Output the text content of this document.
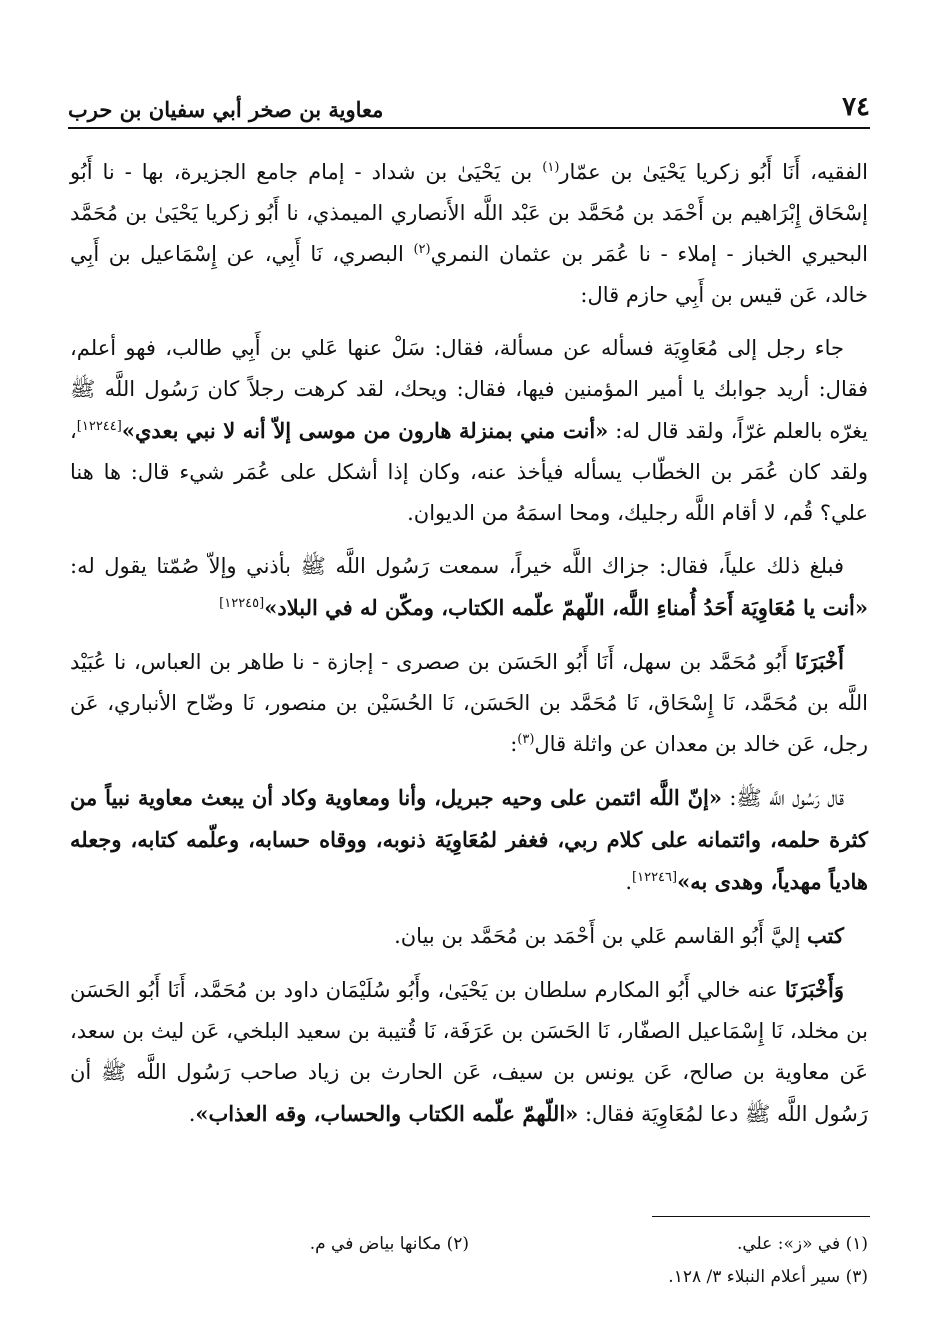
٧٤
معاوية بن صخر أبي سفيان بن حرب

الفقيه، أَنَا أَبُو زكريا يَحْيَىٰ بن عمّار$^{(١)}$ بن يَحْيَىٰ بن شداد - إمام جامع الجزيرة، بها - نا أَبُو إسْحَاق إِبْرَاهيم بن أَحْمَد بن مُحَمَّد بن عَبْد اللَّه الأَنصاري الميمذي، نا أَبُو زكريا يَحْيَىٰ بن مُحَمَّد البحيري الخباز - إملاء - نا عُمَر بن عثمان النمري$^{(٢)}$ البصري، نَا أَبِي، عن إِسْمَاعيل بن أَبِي خالد، عَن قيس بن أَبِي حازم قال:

جاء رجل إلى مُعَاوِيَة فسأله عن مسألة، فقال: سَلْ عنها عَلي بن أَبِي طالب، فهو أعلم، فقال: أريد جوابك يا أمير المؤمنين فيها، فقال: ويحك، لقد كرهت رجلاً كان رَسُول اللَّه ﷺ يغرّه بالعلم غرّاً، ولقد قال له: «أنت مني بمنزلة هارون من موسى إلاّ أنه لا نبي بعدي»[١٢٢٤٤]، ولقد كان عُمَر بن الخطّاب يسأله فيأخذ عنه، وكان إذا أشكل على عُمَر شيء قال: ها هنا علي؟ قُم، لا أقام اللَّه رجليك، ومحا اسمَهُ من الديوان.

فبلغ ذلك علياً، فقال: جزاك اللَّه خيراً، سمعت رَسُول اللَّه ﷺ بأذني وإلاّ صُمّتا يقول له: «أنت يا مُعَاوِيَة أَحَدُ أُمناءِ اللَّه، اللّهمّ علّمه الكتاب، ومكّن له في البلاد»[١٢٢٤٥]

أَخْبَرَنَا أَبُو مُحَمَّد بن سهل، أَنَا أَبُو الحَسَن بن صصرى - إجازة - نا طاهر بن العباس، نا عُبَيْد اللَّه بن مُحَمَّد، نَا إِسْحَاق، نَا مُحَمَّد بن الحَسَن، نَا الحُسَيْن بن منصور، نَا وضّاح الأنباري، عَن رجل، عَن خالد بن معدان عن واثلة قال$^{(٣)}$:

قال رَسُول اللَّه ﷺ: «إنّ اللَّه ائتمن على وحيه جبريل، وأنا ومعاوية وكاد أن يبعث معاوية نبياً من كثرة حلمه، وائتمانه على كلام ربي، فغفر لمُعَاوِيَة ذنوبه، ووقاه حسابه، وعلّمه كتابه، وجعله هادياً مهدياً، وهدى به»[١٢٢٤٦].

كتب إليَّ أَبُو القاسم عَلي بن أَحْمَد بن مُحَمَّد بن بيان.

وَأَخْبَرَنَا عنه خالي أَبُو المكارم سلطان بن يَحْيَىٰ، وأَبُو سُلَيْمَان داود بن مُحَمَّد، أَنَا أَبُو الحَسَن بن مخلد، نَا إِسْمَاعيل الصفّار، نَا الحَسَن بن عَرَفَة، نَا قُتيبة بن سعيد البلخي، عَن ليث بن سعد، عَن معاوية بن صالح، عَن يونس بن سيف، عَن الحارث بن زياد صاحب رَسُول اللَّه ﷺ أن رَسُول اللَّه ﷺ دعا لمُعَاوِيَة فقال: «اللّهمّ علّمه الكتاب والحساب، وقه العذاب».

(١) في «ز»: علي.
(٢) مكانها بياض في م.
(٣) سير أعلام النبلاء ٣/ ١٢٨.
